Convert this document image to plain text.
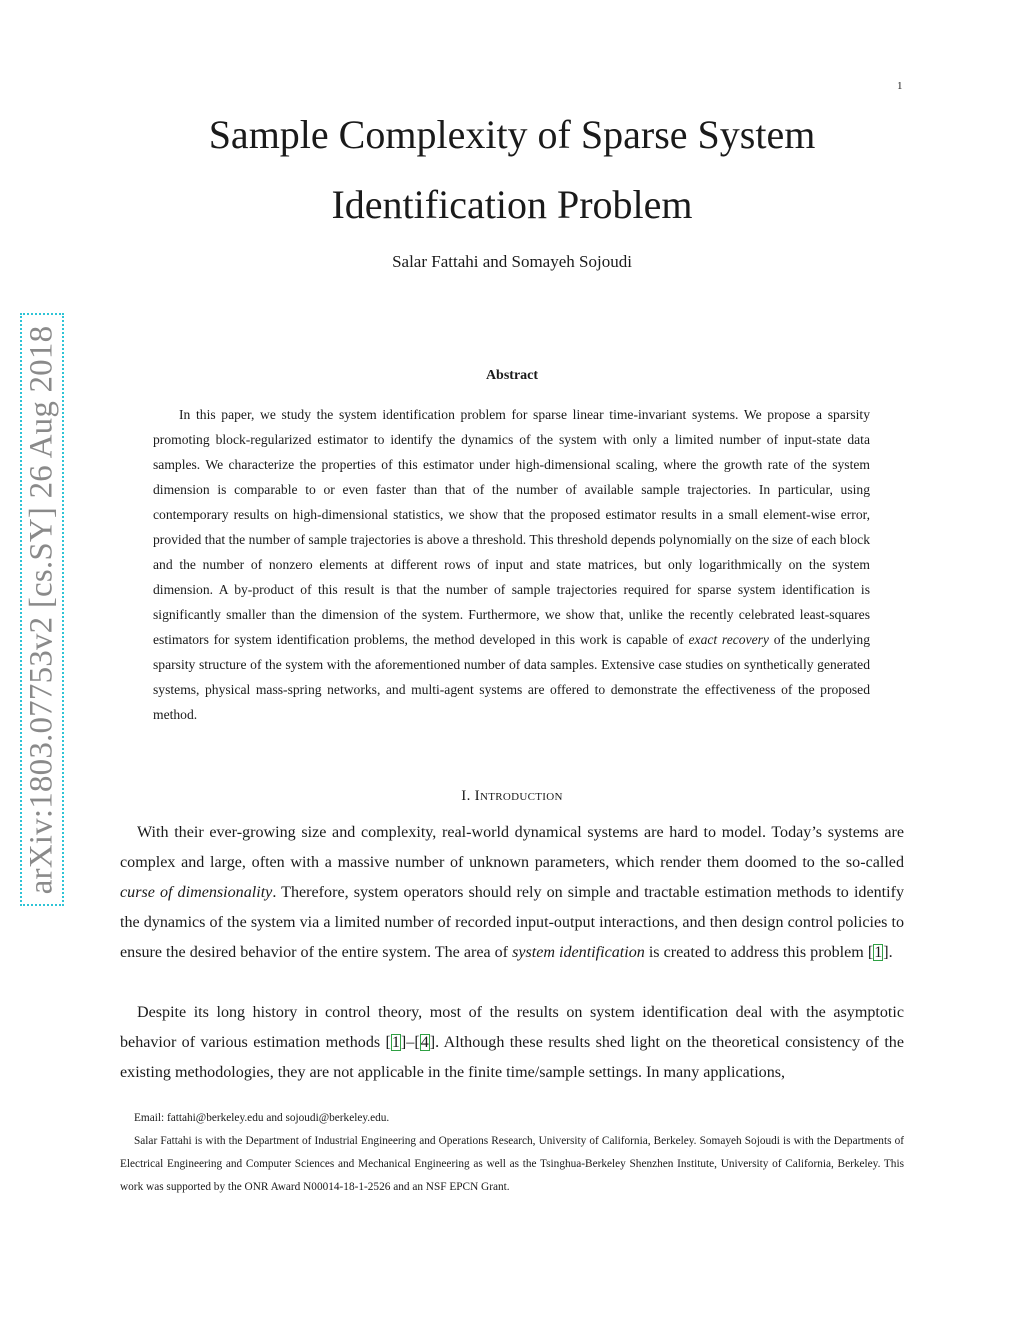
1
arXiv:1803.07753v2 [cs.SY] 26 Aug 2018
Sample Complexity of Sparse System
Identification Problem
Salar Fattahi and Somayeh Sojoudi
Abstract

In this paper, we study the system identification problem for sparse linear time-invariant systems. We propose a sparsity promoting block-regularized estimator to identify the dynamics of the system with only a limited number of input-state data samples. We characterize the properties of this estimator under high-dimensional scaling, where the growth rate of the system dimension is comparable to or even faster than that of the number of available sample trajectories. In particular, using contemporary results on high-dimensional statistics, we show that the proposed estimator results in a small element-wise error, provided that the number of sample trajectories is above a threshold. This threshold depends polynomially on the size of each block and the number of nonzero elements at different rows of input and state matrices, but only logarithmically on the system dimension. A by-product of this result is that the number of sample trajectories required for sparse system identification is significantly smaller than the dimension of the system. Furthermore, we show that, unlike the recently celebrated least-squares estimators for system identification problems, the method developed in this work is capable of exact recovery of the underlying sparsity structure of the system with the aforementioned number of data samples. Extensive case studies on synthetically generated systems, physical mass-spring networks, and multi-agent systems are offered to demonstrate the effectiveness of the proposed method.

I. Introduction

With their ever-growing size and complexity, real-world dynamical systems are hard to model. Today’s systems are complex and large, often with a massive number of unknown parameters, which render them doomed to the so-called curse of dimensionality. Therefore, system operators should rely on simple and tractable estimation methods to identify the dynamics of the system via a limited number of recorded input-output interactions, and then design control policies to ensure the desired behavior of the entire system. The area of system identification is created to address this problem [1].

Despite its long history in control theory, most of the results on system identification deal with the asymptotic behavior of various estimation methods [1]–[4]. Although these results shed light on the theoretical consistency of the existing methodologies, they are not applicable in the finite time/sample settings. In many applications,

Email: fattahi@berkeley.edu and sojoudi@berkeley.edu.

Salar Fattahi is with the Department of Industrial Engineering and Operations Research, University of California, Berkeley. Somayeh Sojoudi is with the Departments of Electrical Engineering and Computer Sciences and Mechanical Engineering as well as the Tsinghua-Berkeley Shenzhen Institute, University of California, Berkeley. This work was supported by the ONR Award N00014-18-1-2526 and an NSF EPCN Grant.
